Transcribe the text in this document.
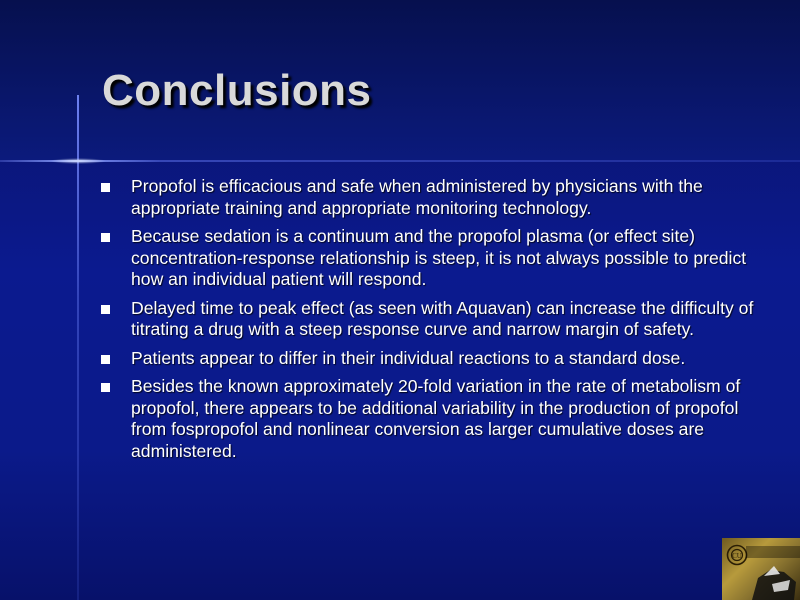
Conclusions
Propofol is efficacious and safe when administered by physicians with the appropriate training and appropriate monitoring technology.
Because sedation is a continuum and the propofol plasma (or effect site) concentration-response relationship is steep, it is not always possible to predict how an individual patient will respond.
Delayed time to peak effect (as seen with Aquavan) can increase the difficulty of titrating a drug with a steep response curve and narrow margin of safety.
Patients appear to differ in their individual reactions to a standard dose.
Besides the known approximately 20-fold variation in the rate of metabolism of propofol, there appears to be additional variability in the production of propofol from fospropofol and nonlinear conversion as larger cumulative doses are administered.
CU
